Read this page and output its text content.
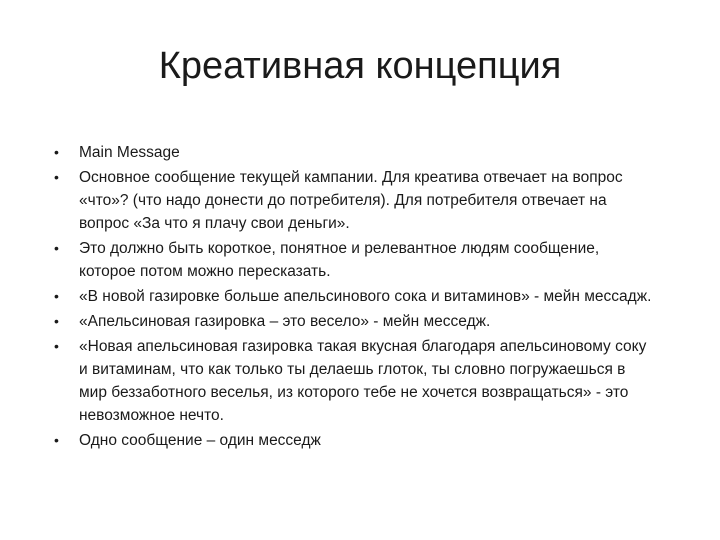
Креативная концепция
• Main Message
• Основное сообщение текущей кампании. Для креатива отвечает на вопрос «что»? (что надо донести до потребителя). Для потребителя отвечает на вопрос «За что я плачу свои деньги».
• Это должно быть короткое, понятное и релевантное людям сообщение, которое потом можно пересказать.
• «В новой газировке больше апельсинового сока и витаминов» - мейн мессадж.
• «Апельсиновая газировка – это весело» - мейн месседж.
• «Новая апельсиновая газировка такая вкусная благодаря апельсиновому соку и витаминам, что как только ты делаешь глоток, ты словно погружаешься в мир беззаботного веселья, из которого тебе не хочется возвращаться» - это невозможное нечто.
• Одно сообщение – один месседж
